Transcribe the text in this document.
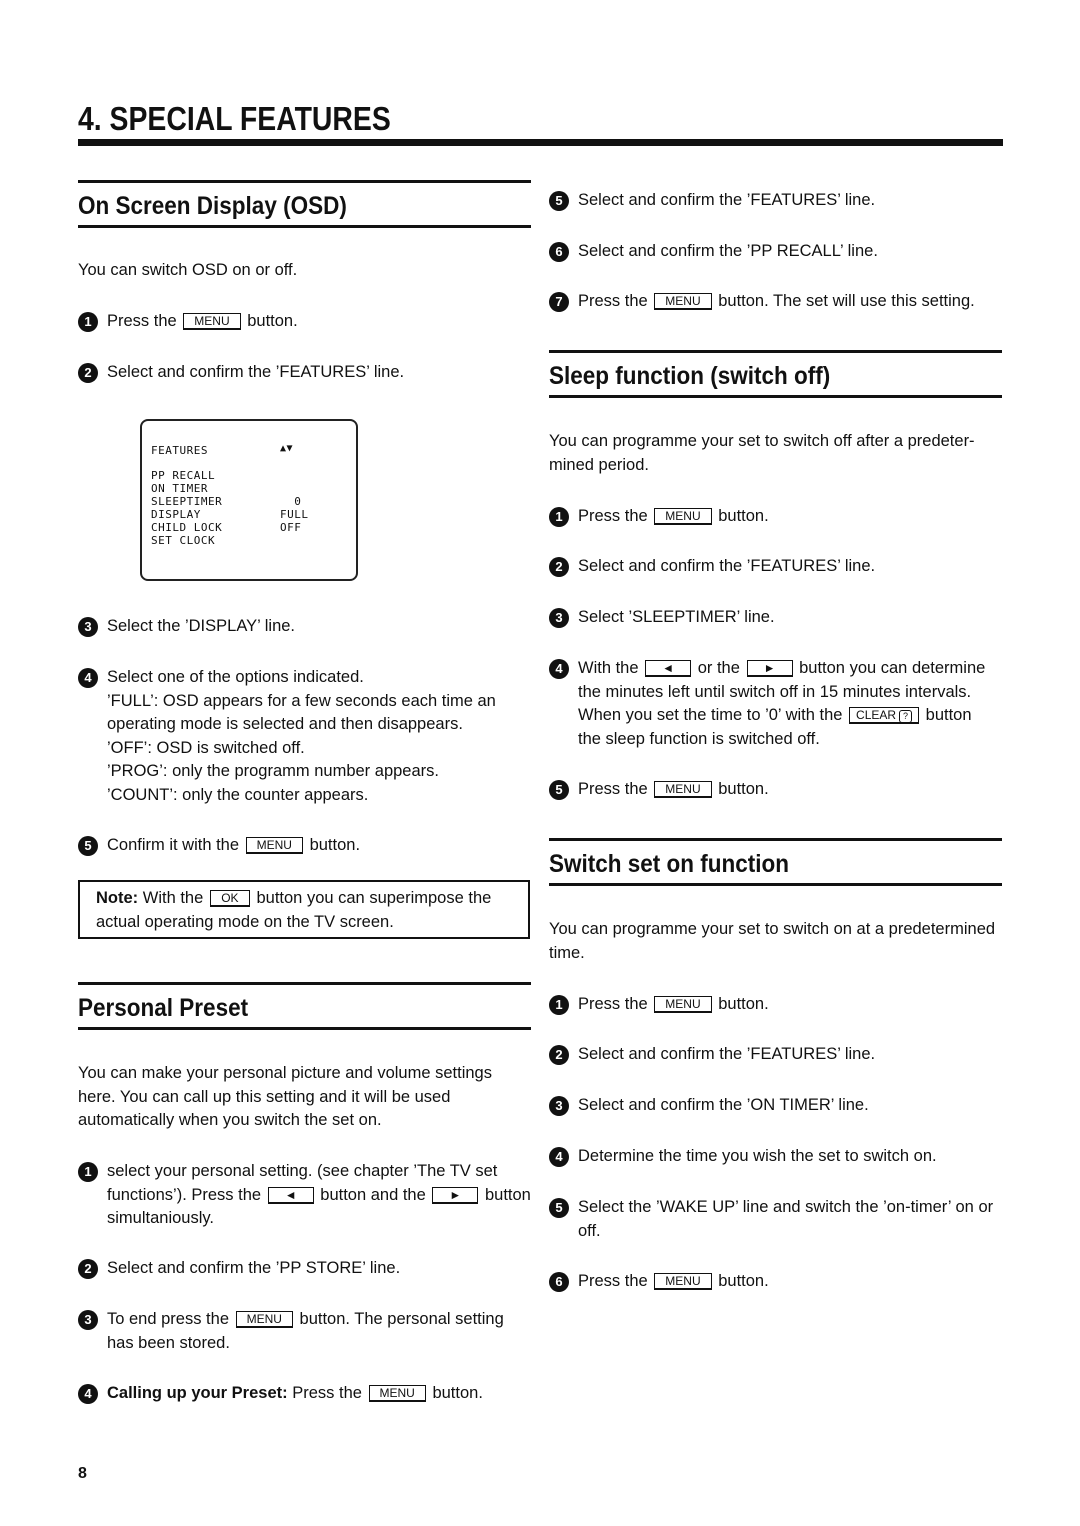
4. SPECIAL FEATURES
On Screen Display (OSD)
You can switch OSD on or off.
1 Press the MENU button.
2 Select and confirm the ’FEATURES’ line.
FEATURES	▲▼
PP RECALL
ON TIMER
SLEEPTIMER	0
DISPLAY	FULL
CHILD LOCK	OFF
SET CLOCK
3 Select the ’DISPLAY’ line.
4 Select one of the options indicated.
’FULL’: OSD appears for a few seconds each time an
operating mode is selected and then disappears.
’OFF’: OSD is switched off.
’PROG’: only the programm number appears.
’COUNT’: only the counter appears.
5 Confirm it with the MENU button.
Note: With the OK button you can superimpose the
actual operating mode on the TV screen.
Personal Preset
You can make your personal picture and volume settings
here. You can call up this setting and it will be used
automatically when you switch the set on.
1 select your personal setting. (see chapter ’The TV set
functions’). Press the ◄ button and the ► button
simultaniously.
2 Select and confirm the ’PP STORE’ line.
3 To end press the MENU button. The personal setting
has been stored.
4 Calling up your Preset: Press the MENU button.
5 Select and confirm the ’FEATURES’ line.
6 Select and confirm the ’PP RECALL’ line.
7 Press the MENU button. The set will use this setting.
Sleep function (switch off)
You can programme your set to switch off after a predeter-
mined period.
1 Press the MENU button.
2 Select and confirm the ’FEATURES’ line.
3 Select ’SLEEPTIMER’ line.
4 With the ◄ or the ► button you can determine
the minutes left until switch off in 15 minutes intervals.
When you set the time to ’0’ with the CLEAR ? button
the sleep function is switched off.
5 Press the MENU button.
Switch set on function
You can programme your set to switch on at a predetermined
time.
1 Press the MENU button.
2 Select and confirm the ’FEATURES’ line.
3 Select and confirm the ’ON TIMER’ line.
4 Determine the time you wish the set to switch on.
5 Select the ’WAKE UP’ line and switch the ’on-timer’ on or
off.
6 Press the MENU button.
8
